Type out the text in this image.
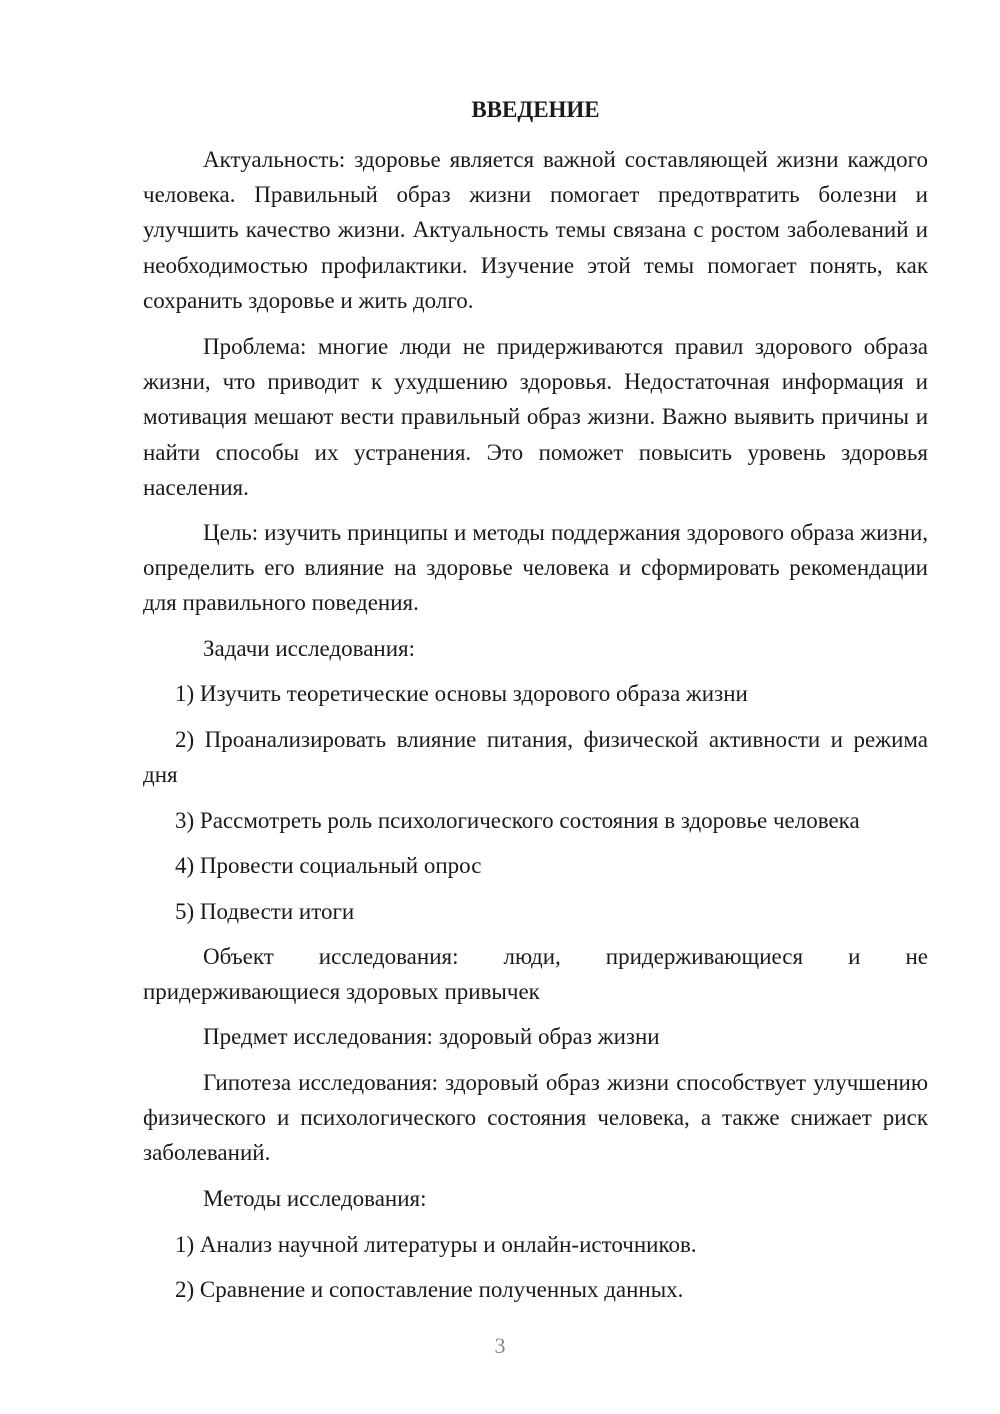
ВВЕДЕНИЕ

Актуальность: здоровье является важной составляющей жизни каждого человека. Правильный образ жизни помогает предотвратить болезни и улучшить качество жизни. Актуальность темы связана с ростом заболеваний и необходимостью профилактики. Изучение этой темы помогает понять, как сохранить здоровье и жить долго.

Проблема: многие люди не придерживаются правил здорового образа жизни, что приводит к ухудшению здоровья. Недостаточная информация и мотивация мешают вести правильный образ жизни. Важно выявить причины и найти способы их устранения. Это поможет повысить уровень здоровья населения.

Цель: изучить принципы и методы поддержания здорового образа жизни, определить его влияние на здоровье человека и сформировать рекомендации для правильного поведения.

Задачи исследования:

1) Изучить теоретические основы здорового образа жизни

2) Проанализировать влияние питания, физической активности и режима дня

3) Рассмотреть роль психологического состояния в здоровье человека

4) Провести социальный опрос

5) Подвести итоги

Объект исследования: люди, придерживающиеся и не придерживающиеся здоровых привычек

Предмет исследования: здоровый образ жизни

Гипотеза исследования: здоровый образ жизни способствует улучшению физического и психологического состояния человека, а также снижает риск заболеваний.

Методы исследования:

1) Анализ научной литературы и онлайн-источников.

2) Сравнение и сопоставление полученных данных.

3
